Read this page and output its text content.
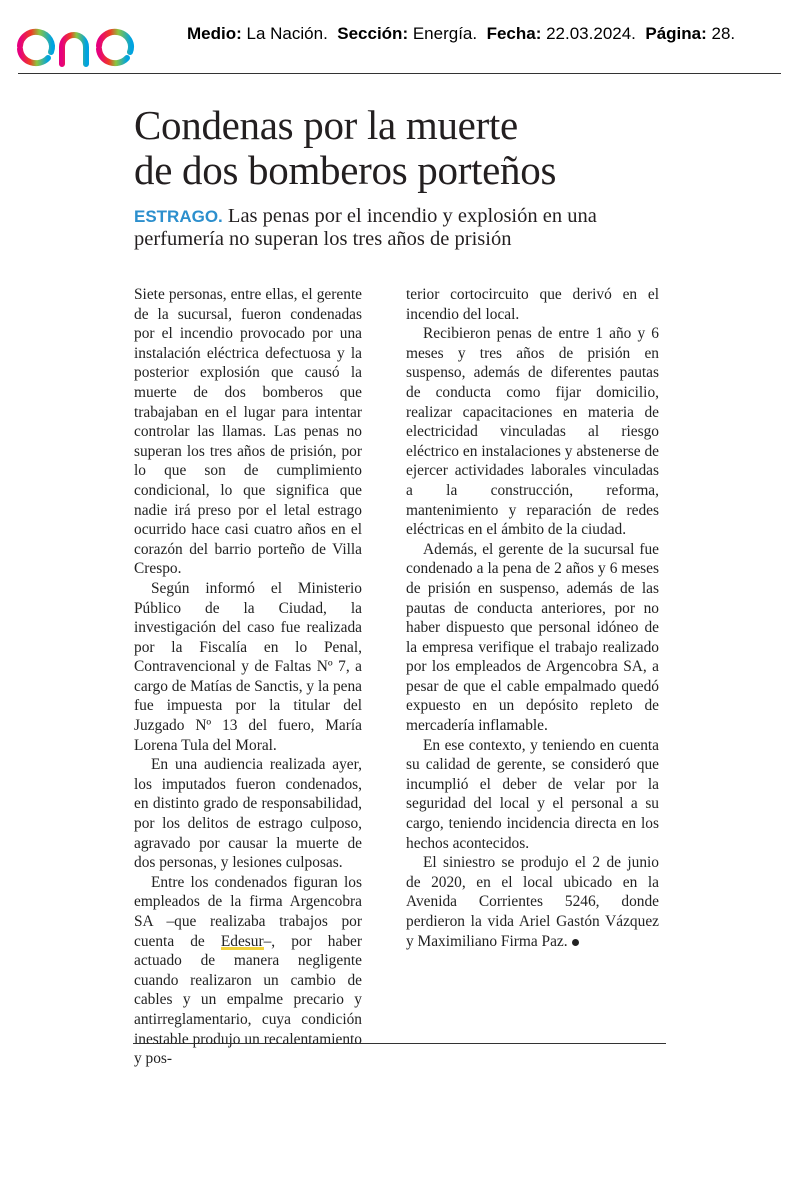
Medio: La Nación. Sección: Energía. Fecha: 22.03.2024. Página: 28.
Condenas por la muerte
de dos bomberos porteños
ESTRAGO. Las penas por el incendio y explosión en una perfumería no superan los tres años de prisión

Siete personas, entre ellas, el gerente de la sucursal, fueron condenadas por el incendio provocado por una instalación eléctrica defectuosa y la posterior explosión que causó la muerte de dos bomberos que trabajaban en el lugar para intentar controlar las llamas. Las penas no superan los tres años de prisión, por lo que son de cumplimiento condicional, lo que significa que nadie irá preso por el letal estrago ocurrido hace casi cuatro años en el corazón del barrio porteño de Villa Crespo.

Según informó el Ministerio Público de la Ciudad, la investigación del caso fue realizada por la Fiscalía en lo Penal, Contravencional y de Faltas Nº 7, a cargo de Matías de Sanctis, y la pena fue impuesta por la titular del Juzgado Nº 13 del fuero, María Lorena Tula del Moral.

En una audiencia realizada ayer, los imputados fueron condenados, en distinto grado de responsabilidad, por los delitos de estrago culposo, agravado por causar la muerte de dos personas, y lesiones culposas.

Entre los condenados figuran los empleados de la firma Argencobra SA –que realizaba trabajos por cuenta de Edesur–, por haber actuado de manera negligente cuando realizaron un cambio de cables y un empalme precario y antirreglamentario, cuya condición inestable produjo un recalentamiento y pos-

terior cortocircuito que derivó en el incendio del local.

Recibieron penas de entre 1 año y 6 meses y tres años de prisión en suspenso, además de diferentes pautas de conducta como fijar domicilio, realizar capacitaciones en materia de electricidad vinculadas al riesgo eléctrico en instalaciones y abstenerse de ejercer actividades laborales vinculadas a la construcción, reforma, mantenimiento y reparación de redes eléctricas en el ámbito de la ciudad.

Además, el gerente de la sucursal fue condenado a la pena de 2 años y 6 meses de prisión en suspenso, además de las pautas de conducta anteriores, por no haber dispuesto que personal idóneo de la empresa verifique el trabajo realizado por los empleados de Argencobra SA, a pesar de que el cable empalmado quedó expuesto en un depósito repleto de mercadería inflamable.

En ese contexto, y teniendo en cuenta su calidad de gerente, se consideró que incumplió el deber de velar por la seguridad del local y el personal a su cargo, teniendo incidencia directa en los hechos acontecidos.

El siniestro se produjo el 2 de junio de 2020, en el local ubicado en la Avenida Corrientes 5246, donde perdieron la vida Ariel Gastón Vázquez y Maximiliano Firma Paz.
